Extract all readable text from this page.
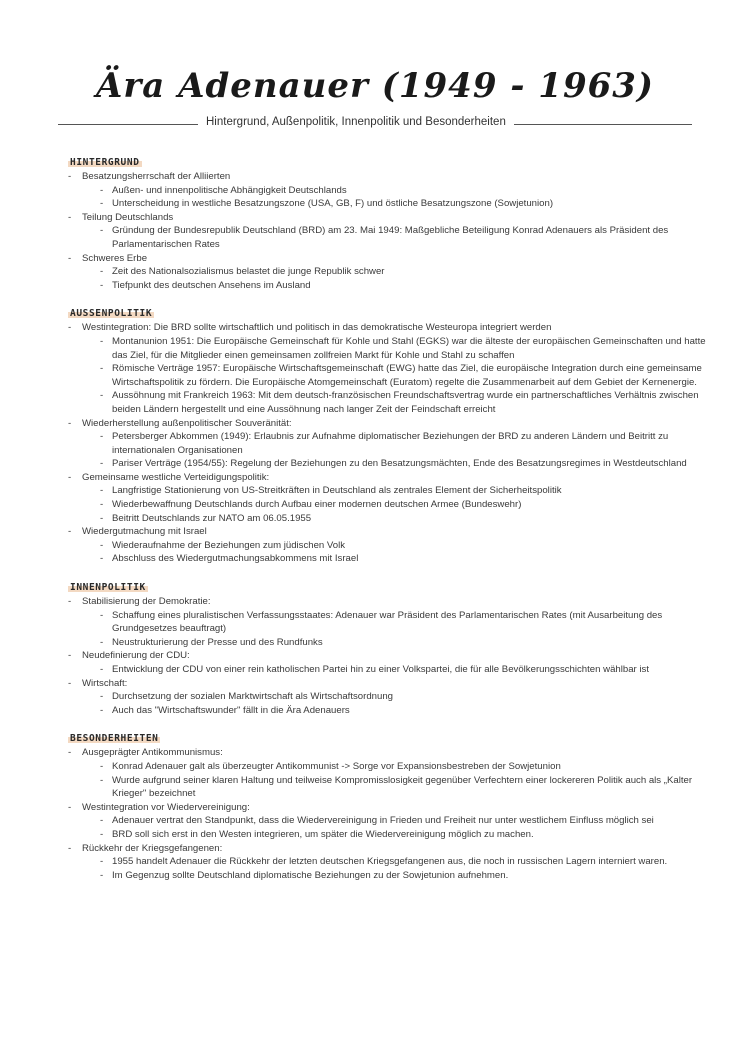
Ära Adenauer (1949 - 1963)
Hintergrund, Außenpolitik, Innenpolitik und Besonderheiten
HINTERGRUND
- Besatzungsherrschaft der Alliierten
- Außen- und innenpolitische Abhängigkeit Deutschlands
- Unterscheidung in westliche Besatzungszone (USA, GB, F) und östliche Besatzungszone (Sowjetunion)
- Teilung Deutschlands
- Gründung der Bundesrepublik Deutschland (BRD) am 23. Mai 1949: Maßgebliche Beteiligung Konrad Adenauers als Präsident des Parlamentarischen Rates
- Schweres Erbe
- Zeit des Nationalsozialismus belastet die junge Republik schwer
- Tiefpunkt des deutschen Ansehens im Ausland
AUSSENPOLITIK
- Westintegration: Die BRD sollte wirtschaftlich und politisch in das demokratische Westeuropa integriert werden
- Montanunion 1951: Die Europäische Gemeinschaft für Kohle und Stahl (EGKS) war die älteste der europäischen Gemeinschaften und hatte das Ziel, für die Mitglieder einen gemeinsamen zollfreien Markt für Kohle und Stahl zu schaffen
- Römische Verträge 1957: Europäische Wirtschaftsgemeinschaft (EWG) hatte das Ziel, die europäische Integration durch eine gemeinsame Wirtschaftspolitik zu fördern. Die Europäische Atomgemeinschaft (Euratom) regelte die Zusammenarbeit auf dem Gebiet der Kernenergie.
- Aussöhnung mit Frankreich 1963: Mit dem deutsch-französischen Freundschaftsvertrag wurde ein partnerschaftliches Verhältnis zwischen beiden Ländern hergestellt und eine Aussöhnung nach langer Zeit der Feindschaft erreicht
- Wiederherstellung außenpolitischer Souveränität:
- Petersberger Abkommen (1949): Erlaubnis zur Aufnahme diplomatischer Beziehungen der BRD zu anderen Ländern und Beitritt zu internationalen Organisationen
- Pariser Verträge (1954/55): Regelung der Beziehungen zu den Besatzungsmächten, Ende des Besatzungsregimes in Westdeutschland
- Gemeinsame westliche Verteidigungspolitik:
- Langfristige Stationierung von US-Streitkräften in Deutschland als zentrales Element der Sicherheitspolitik
- Wiederbewaffnung Deutschlands durch Aufbau einer modernen deutschen Armee (Bundeswehr)
- Beitritt Deutschlands zur NATO am 06.05.1955
- Wiedergutmachung mit Israel
- Wiederaufnahme der Beziehungen zum jüdischen Volk
- Abschluss des Wiedergutmachungsabkommens mit Israel
INNENPOLITIK
- Stabilisierung der Demokratie:
- Schaffung eines pluralistischen Verfassungsstaates: Adenauer war Präsident des Parlamentarischen Rates (mit Ausarbeitung des Grundgesetzes beauftragt)
- Neustrukturierung der Presse und des Rundfunks
- Neudefinierung der CDU:
- Entwicklung der CDU von einer rein katholischen Partei hin zu einer Volkspartei, die für alle Bevölkerungsschichten wählbar ist
- Wirtschaft:
- Durchsetzung der sozialen Marktwirtschaft als Wirtschaftsordnung
- Auch das "Wirtschaftswunder" fällt in die Ära Adenauers
BESONDERHEITEN
- Ausgeprägter Antikommunismus:
- Konrad Adenauer galt als überzeugter Antikommunist -> Sorge vor Expansionsbestreben der Sowjetunion
- Wurde aufgrund seiner klaren Haltung und teilweise Kompromisslosigkeit gegenüber Verfechtern einer lockereren Politik auch als „Kalter Krieger" bezeichnet
- Westintegration vor Wiedervereinigung:
- Adenauer vertrat den Standpunkt, dass die Wiedervereinigung in Frieden und Freiheit nur unter westlichem Einfluss möglich sei
- BRD soll sich erst in den Westen integrieren, um später die Wiedervereinigung möglich zu machen.
- Rückkehr der Kriegsgefangenen:
- 1955 handelt Adenauer die Rückkehr der letzten deutschen Kriegsgefangenen aus, die noch in russischen Lagern interniert waren.
- Im Gegenzug sollte Deutschland diplomatische Beziehungen zu der Sowjetunion aufnehmen.
